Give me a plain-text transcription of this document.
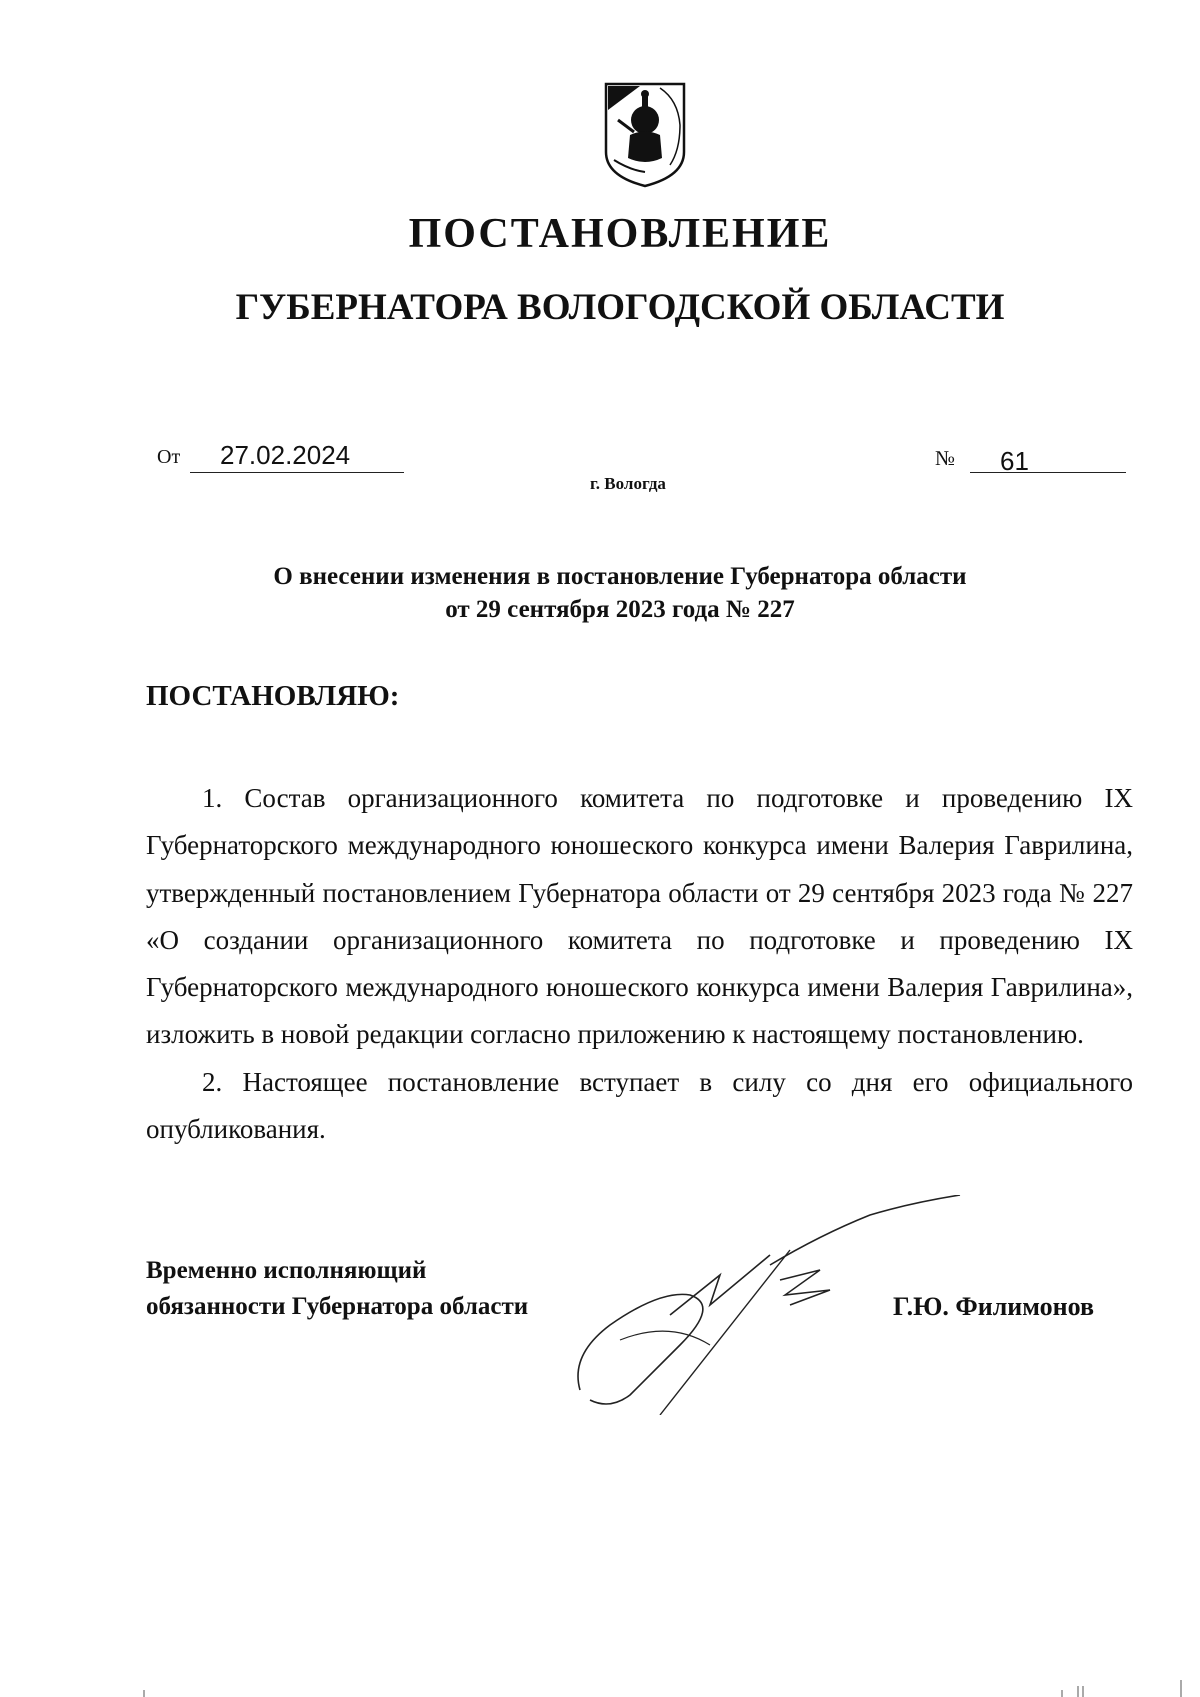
ПОСТАНОВЛЕНИЕ
ГУБЕРНАТОРА ВОЛОГОДСКОЙ ОБЛАСТИ
От 27.02.2024
г. Вологда
№ 61
О внесении изменения в постановление Губернатора области
от 29 сентября 2023 года № 227
ПОСТАНОВЛЯЮ:

1. Состав организационного комитета по подготовке и проведению IX Губернаторского международного юношеского конкурса имени Валерия Гаврилина, утвержденный постановлением Губернатора области от 29 сентября 2023 года № 227 «О создании организационного комитета по подготовке и проведению IX Губернаторского международного юношеского конкурса имени Валерия Гаврилина», изложить в новой редакции согласно приложению к настоящему постановлению.

2. Настоящее постановление вступает в силу со дня его официального опубликования.

Временно исполняющий
обязанности Губернатора области	Г.Ю. Филимонов
